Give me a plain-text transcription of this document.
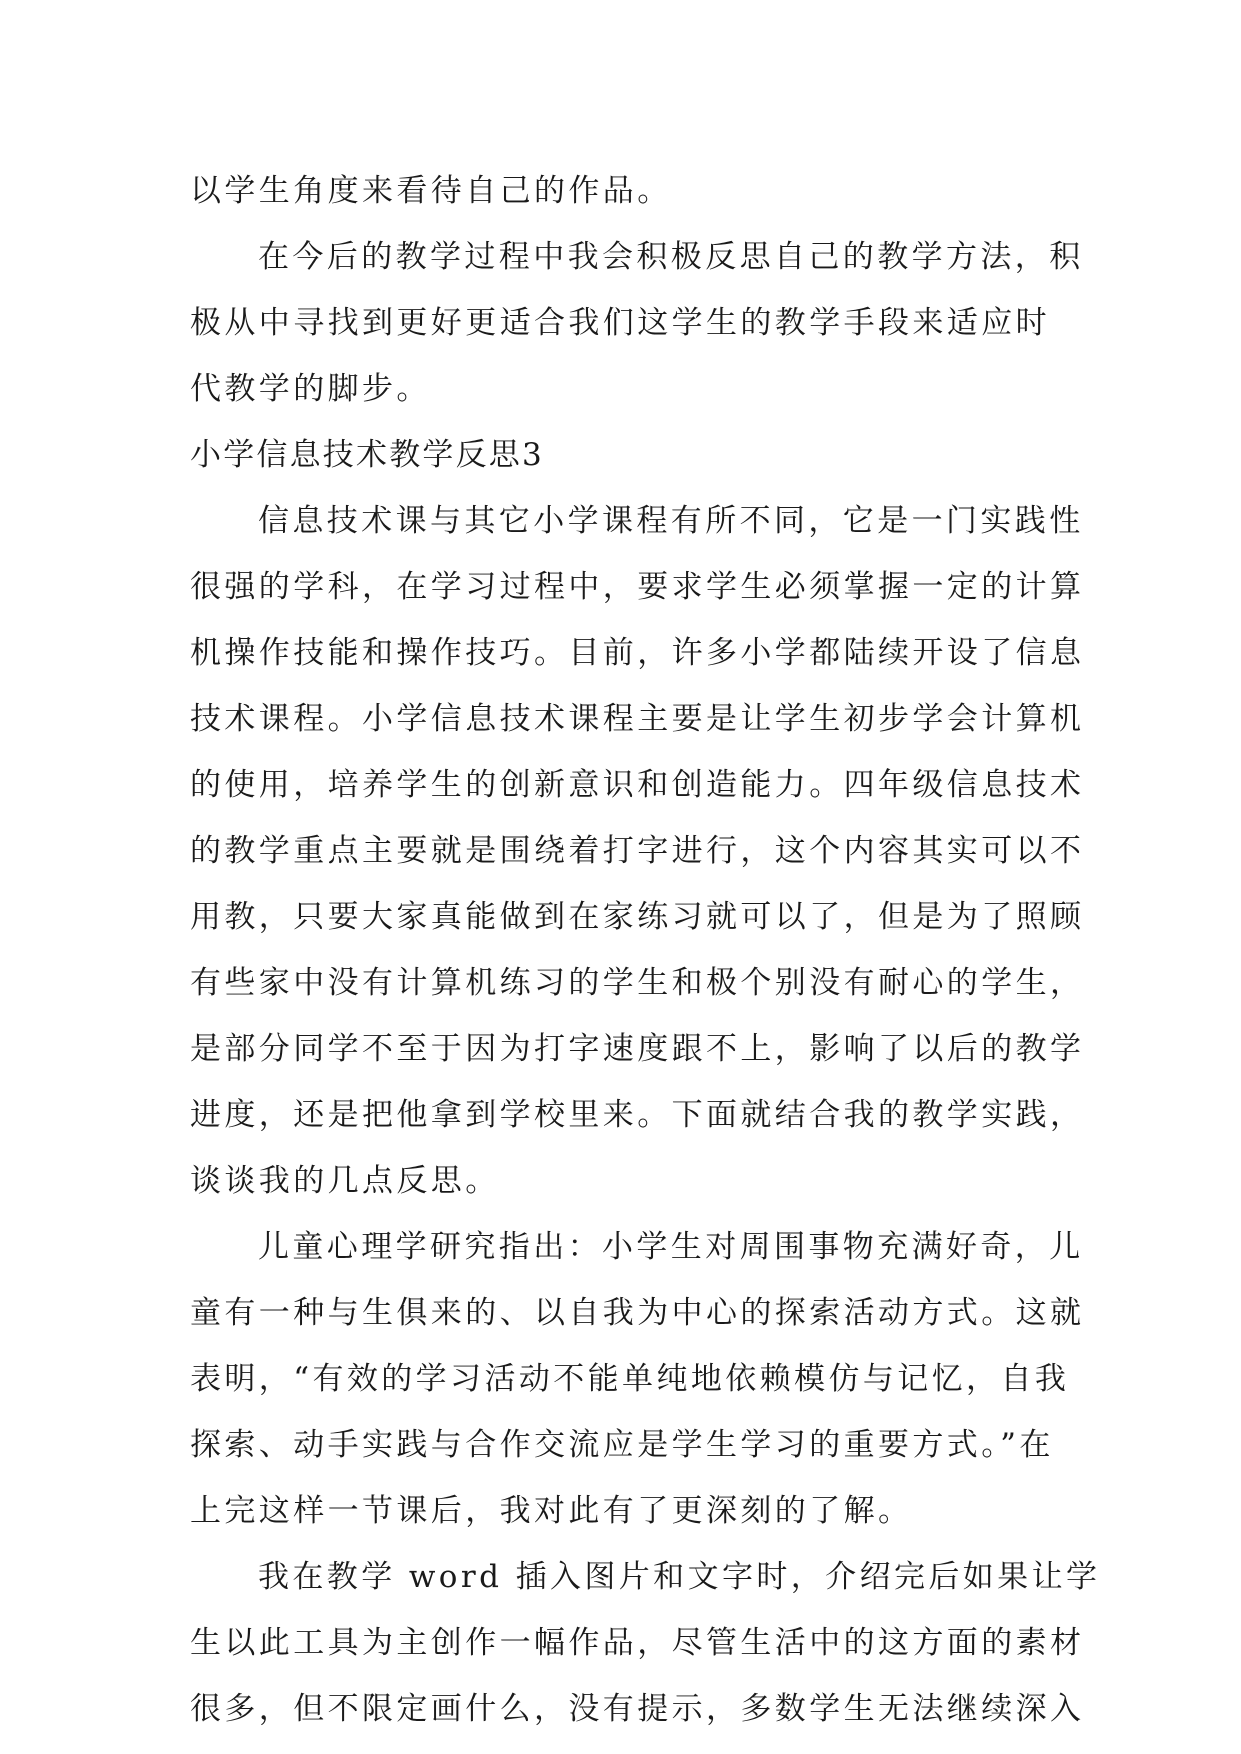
以学生角度来看待自己的作品。
在今后的教学过程中我会积极反思自己的教学方法，积
极从中寻找到更好更适合我们这学生的教学手段来适应时
代教学的脚步。
小学信息技术教学反思3
信息技术课与其它小学课程有所不同，它是一门实践性
很强的学科，在学习过程中，要求学生必须掌握一定的计算
机操作技能和操作技巧。目前，许多小学都陆续开设了信息
技术课程。小学信息技术课程主要是让学生初步学会计算机
的使用，培养学生的创新意识和创造能力。四年级信息技术
的教学重点主要就是围绕着打字进行，这个内容其实可以不
用教，只要大家真能做到在家练习就可以了，但是为了照顾
有些家中没有计算机练习的学生和极个别没有耐心的学生，
是部分同学不至于因为打字速度跟不上，影响了以后的教学
进度，还是把他拿到学校里来。下面就结合我的教学实践，
谈谈我的几点反思。
儿童心理学研究指出：小学生对周围事物充满好奇，儿
童有一种与生俱来的、以自我为中心的探索活动方式。这就
表明，“有效的学习活动不能单纯地依赖模仿与记忆，自我
探索、动手实践与合作交流应是学生学习的重要方式。”在
上完这样一节课后，我对此有了更深刻的了解。
我在教学 word 插入图片和文字时，介绍完后如果让学
生以此工具为主创作一幅作品，尽管生活中的这方面的素材
很多，但不限定画什么，没有提示，多数学生无法继续深入
